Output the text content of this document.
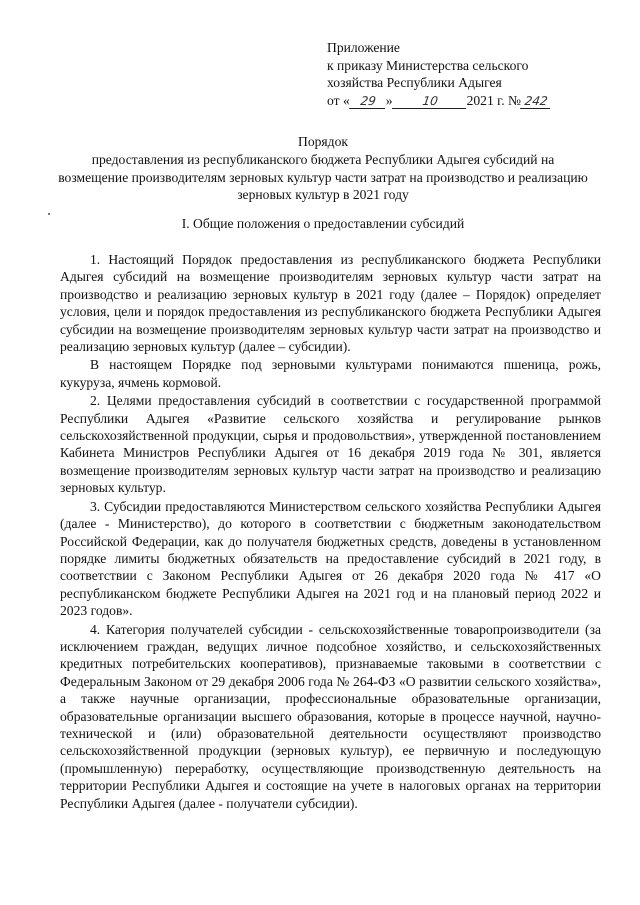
Приложение
к приказу Министерства сельского
хозяйства Республики Адыгея
от « 29 » 10 2021 г. № 242
Порядок
предоставления из республиканского бюджета Республики Адыгея субсидий на возмещение производителям зерновых культур части затрат на производство и реализацию зерновых культур в 2021 году
I. Общие положения о предоставлении субсидий

1. Настоящий Порядок предоставления из республиканского бюджета Республики Адыгея субсидий на возмещение производителям зерновых культур части затрат на производство и реализацию зерновых культур в 2021 году (далее – Порядок) определяет условия, цели и порядок предоставления из республиканского бюджета Республики Адыгея субсидии на возмещение производителям зерновых культур части затрат на производство и реализацию зерновых культур (далее – субсидии).

В настоящем Порядке под зерновыми культурами понимаются пшеница, рожь, кукуруза, ячмень кормовой.

2. Целями предоставления субсидий в соответствии с государственной программой Республики Адыгея «Развитие сельского хозяйства и регулирование рынков сельскохозяйственной продукции, сырья и продовольствия», утвержденной постановлением Кабинета Министров Республики Адыгея от 16 декабря 2019 года № 301, является возмещение производителям зерновых культур части затрат на производство и реализацию зерновых культур.

3. Субсидии предоставляются Министерством сельского хозяйства Республики Адыгея (далее - Министерство), до которого в соответствии с бюджетным законодательством Российской Федерации, как до получателя бюджетных средств, доведены в установленном порядке лимиты бюджетных обязательств на предоставление субсидий в 2021 году, в соответствии с Законом Республики Адыгея от 26 декабря 2020 года № 417 «О республиканском бюджете Республики Адыгея на 2021 год и на плановый период 2022 и 2023 годов».

4. Категория получателей субсидии - сельскохозяйственные товаропроизводители (за исключением граждан, ведущих личное подсобное хозяйство, и сельскохозяйственных кредитных потребительских кооперативов), признаваемые таковыми в соответствии с Федеральным Законом от 29 декабря 2006 года № 264-ФЗ «О развитии сельского хозяйства», а также научные организации, профессиональные образовательные организации, образовательные организации высшего образования, которые в процессе научной, научно-технической и (или) образовательной деятельности осуществляют производство сельскохозяйственной продукции (зерновых культур), ее первичную и последующую (промышленную) переработку, осуществляющие производственную деятельность на территории Республики Адыгея и состоящие на учете в налоговых органах на территории Республики Адыгея (далее - получатели субсидии).
